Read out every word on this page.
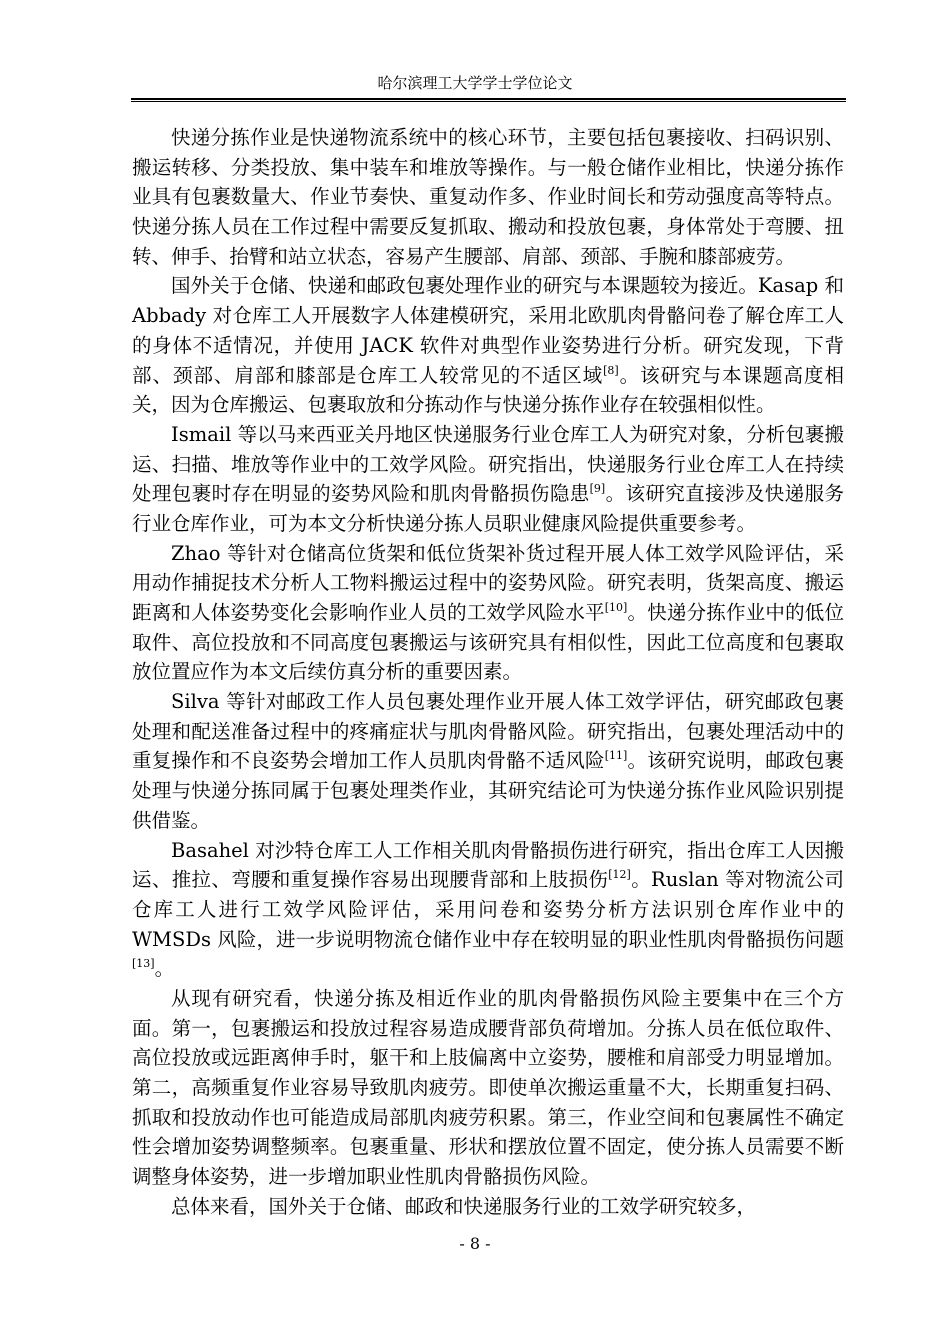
哈尔滨理工大学学士学位论文

快递分拣作业是快递物流系统中的核心环节，主要包括包裹接收、扫码识别、搬运转移、分类投放、集中装车和堆放等操作。与一般仓储作业相比，快递分拣作业具有包裹数量大、作业节奏快、重复动作多、作业时间长和劳动强度高等特点。快递分拣人员在工作过程中需要反复抓取、搬动和投放包裹，身体常处于弯腰、扭转、伸手、抬臂和站立状态，容易产生腰部、肩部、颈部、手腕和膝部疲劳。

国外关于仓储、快递和邮政包裹处理作业的研究与本课题较为接近。Kasap 和 Abbady 对仓库工人开展数字人体建模研究，采用北欧肌肉骨骼问卷了解仓库工人的身体不适情况，并使用 JACK 软件对典型作业姿势进行分析。研究发现，下背部、颈部、肩部和膝部是仓库工人较常见的不适区域[8]。该研究与本课题高度相关，因为仓库搬运、包裹取放和分拣动作与快递分拣作业存在较强相似性。

Ismail 等以马来西亚关丹地区快递服务行业仓库工人为研究对象，分析包裹搬运、扫描、堆放等作业中的工效学风险。研究指出，快递服务行业仓库工人在持续处理包裹时存在明显的姿势风险和肌肉骨骼损伤隐患[9]。该研究直接涉及快递服务行业仓库作业，可为本文分析快递分拣人员职业健康风险提供重要参考。

Zhao 等针对仓储高位货架和低位货架补货过程开展人体工效学风险评估，采用动作捕捉技术分析人工物料搬运过程中的姿势风险。研究表明，货架高度、搬运距离和人体姿势变化会影响作业人员的工效学风险水平[10]。快递分拣作业中的低位取件、高位投放和不同高度包裹搬运与该研究具有相似性，因此工位高度和包裹取放位置应作为本文后续仿真分析的重要因素。

Silva 等针对邮政工作人员包裹处理作业开展人体工效学评估，研究邮政包裹处理和配送准备过程中的疼痛症状与肌肉骨骼风险。研究指出，包裹处理活动中的重复操作和不良姿势会增加工作人员肌肉骨骼不适风险[11]。该研究说明，邮政包裹处理与快递分拣同属于包裹处理类作业，其研究结论可为快递分拣作业风险识别提供借鉴。

Basahel 对沙特仓库工人工作相关肌肉骨骼损伤进行研究，指出仓库工人因搬运、推拉、弯腰和重复操作容易出现腰背部和上肢损伤[12]。Ruslan 等对物流公司仓库工人进行工效学风险评估，采用问卷和姿势分析方法识别仓库作业中的 WMSDs 风险，进一步说明物流仓储作业中存在较明显的职业性肌肉骨骼损伤问题[13]。

从现有研究看，快递分拣及相近作业的肌肉骨骼损伤风险主要集中在三个方面。第一，包裹搬运和投放过程容易造成腰背部负荷增加。分拣人员在低位取件、高位投放或远距离伸手时，躯干和上肢偏离中立姿势，腰椎和肩部受力明显增加。第二，高频重复作业容易导致肌肉疲劳。即使单次搬运重量不大，长期重复扫码、抓取和投放动作也可能造成局部肌肉疲劳积累。第三，作业空间和包裹属性不确定性会增加姿势调整频率。包裹重量、形状和摆放位置不固定，使分拣人员需要不断调整身体姿势，进一步增加职业性肌肉骨骼损伤风险。

总体来看，国外关于仓储、邮政和快递服务行业的工效学研究较多，

- 8 -
